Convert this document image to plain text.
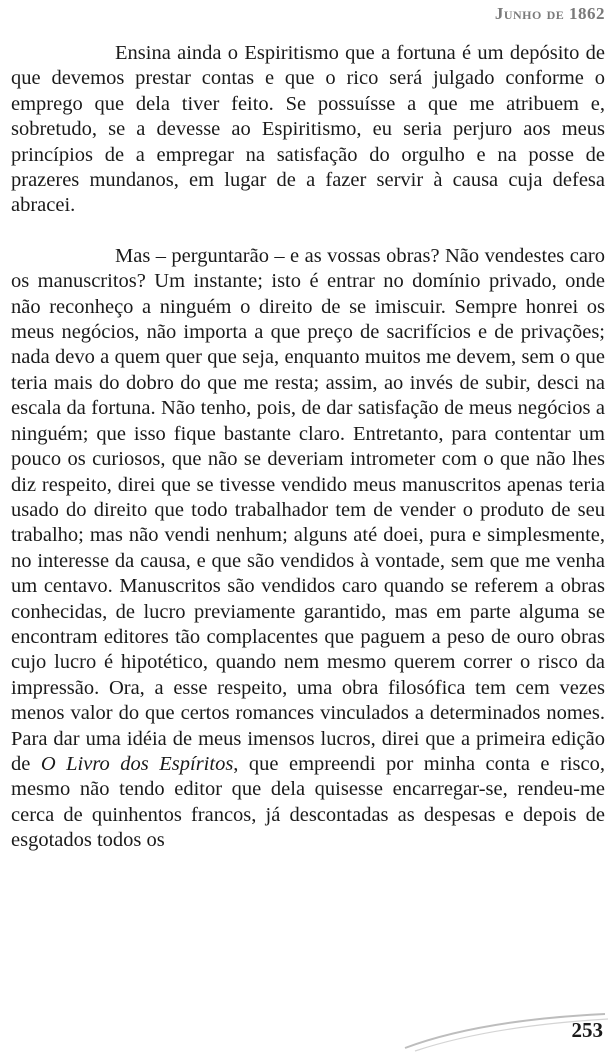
Junho de 1862

Ensina ainda o Espiritismo que a fortuna é um depósito de que devemos prestar contas e que o rico será julgado conforme o emprego que dela tiver feito. Se possuísse a que me atribuem e, sobretudo, se a devesse ao Espiritismo, eu seria perjuro aos meus princípios de a empregar na satisfação do orgulho e na posse de prazeres mundanos, em lugar de a fazer servir à causa cuja defesa abracei.

Mas – perguntarão – e as vossas obras? Não vendestes caro os manuscritos? Um instante; isto é entrar no domínio privado, onde não reconheço a ninguém o direito de se imiscuir. Sempre honrei os meus negócios, não importa a que preço de sacrifícios e de privações; nada devo a quem quer que seja, enquanto muitos me devem, sem o que teria mais do dobro do que me resta; assim, ao invés de subir, desci na escala da fortuna. Não tenho, pois, de dar satisfação de meus negócios a ninguém; que isso fique bastante claro. Entretanto, para contentar um pouco os curiosos, que não se deveriam intrometer com o que não lhes diz respeito, direi que se tivesse vendido meus manuscritos apenas teria usado do direito que todo trabalhador tem de vender o produto de seu trabalho; mas não vendi nenhum; alguns até doei, pura e simplesmente, no interesse da causa, e que são vendidos à vontade, sem que me venha um centavo. Manuscritos são vendidos caro quando se referem a obras conhecidas, de lucro previamente garantido, mas em parte alguma se encontram editores tão complacentes que paguem a peso de ouro obras cujo lucro é hipotético, quando nem mesmo querem correr o risco da impressão. Ora, a esse respeito, uma obra filosófica tem cem vezes menos valor do que certos romances vinculados a determinados nomes. Para dar uma idéia de meus imensos lucros, direi que a primeira edição de O Livro dos Espíritos, que empreendi por minha conta e risco, mesmo não tendo editor que dela quisesse encarregar-se, rendeu-me cerca de quinhentos francos, já descontadas as despesas e depois de esgotados todos os

253
